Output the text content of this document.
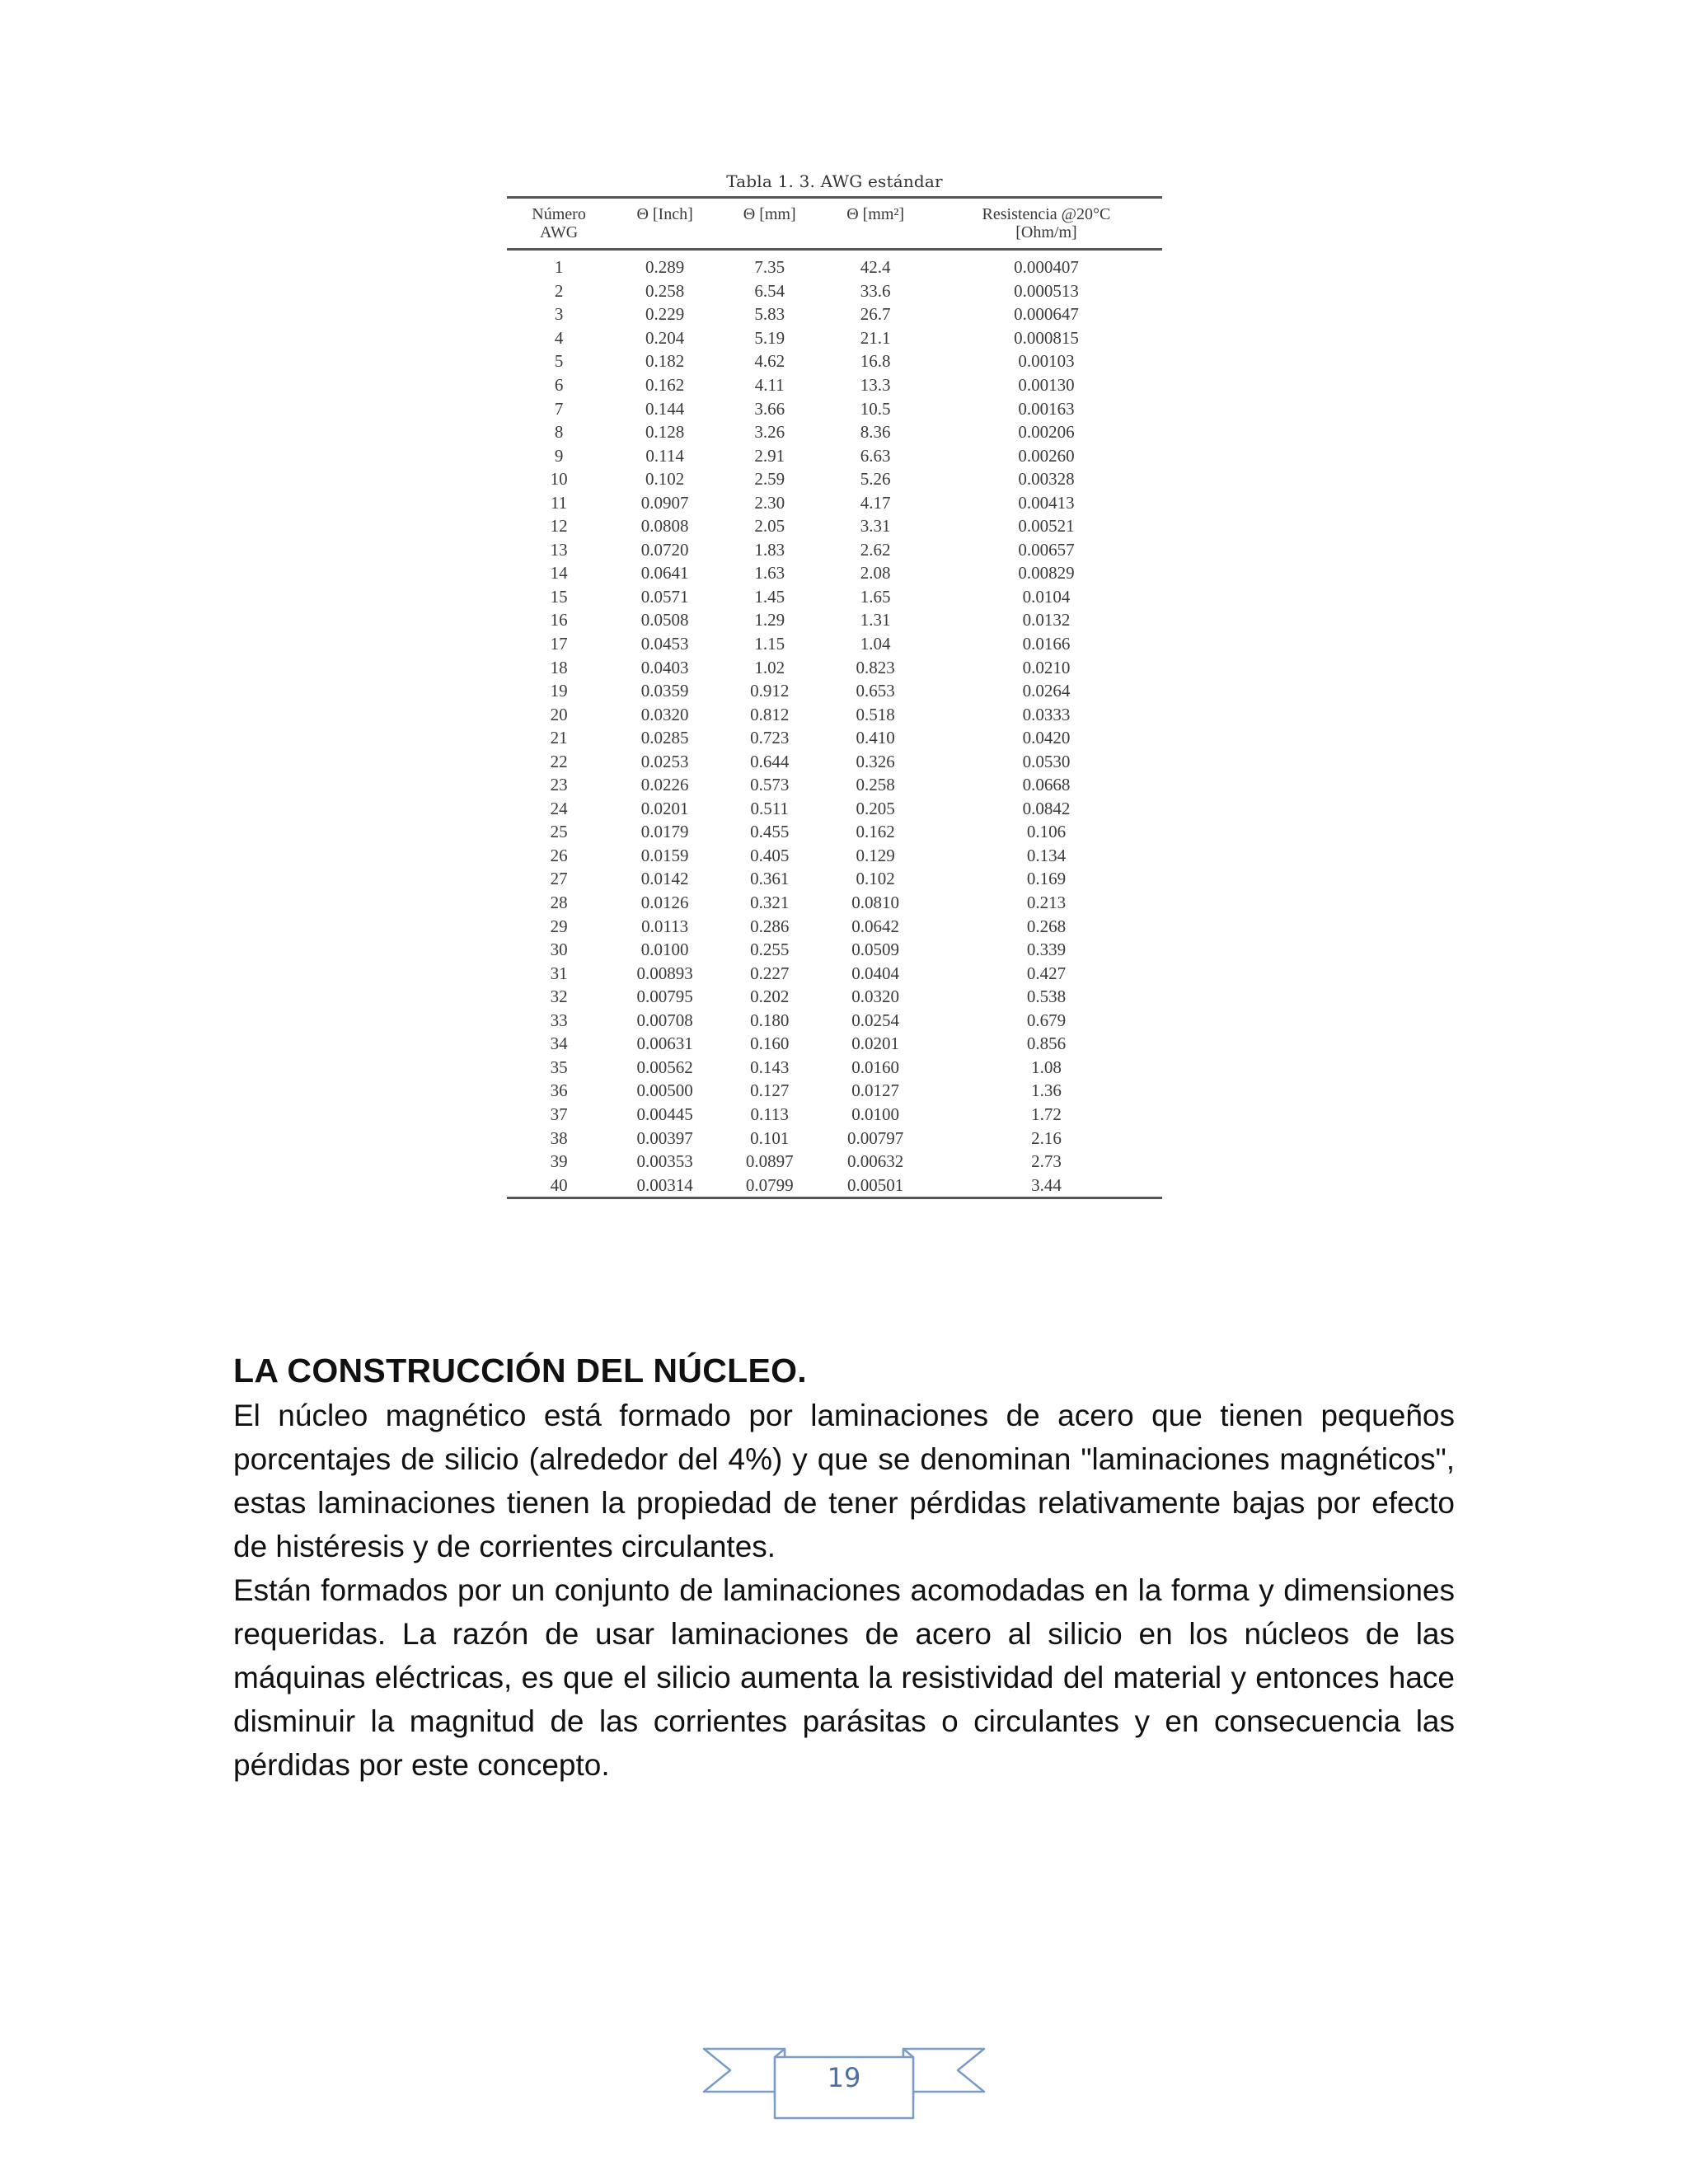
Tabla 1. 3. AWG estándar
Número
AWG	Θ [Inch]	Θ [mm]	Θ [mm²]	Resistencia @20°C
[Ohm/m]

1	0.289	7.35	42.4	0.000407
2	0.258	6.54	33.6	0.000513
3	0.229	5.83	26.7	0.000647
4	0.204	5.19	21.1	0.000815
5	0.182	4.62	16.8	0.00103
6	0.162	4.11	13.3	0.00130
7	0.144	3.66	10.5	0.00163
8	0.128	3.26	8.36	0.00206
9	0.114	2.91	6.63	0.00260
10	0.102	2.59	5.26	0.00328
11	0.0907	2.30	4.17	0.00413
12	0.0808	2.05	3.31	0.00521
13	0.0720	1.83	2.62	0.00657
14	0.0641	1.63	2.08	0.00829
15	0.0571	1.45	1.65	0.0104
16	0.0508	1.29	1.31	0.0132
17	0.0453	1.15	1.04	0.0166
18	0.0403	1.02	0.823	0.0210
19	0.0359	0.912	0.653	0.0264
20	0.0320	0.812	0.518	0.0333
21	0.0285	0.723	0.410	0.0420
22	0.0253	0.644	0.326	0.0530
23	0.0226	0.573	0.258	0.0668
24	0.0201	0.511	0.205	0.0842
25	0.0179	0.455	0.162	0.106
26	0.0159	0.405	0.129	0.134
27	0.0142	0.361	0.102	0.169
28	0.0126	0.321	0.0810	0.213
29	0.0113	0.286	0.0642	0.268
30	0.0100	0.255	0.0509	0.339
31	0.00893	0.227	0.0404	0.427
32	0.00795	0.202	0.0320	0.538
33	0.00708	0.180	0.0254	0.679
34	0.00631	0.160	0.0201	0.856
35	0.00562	0.143	0.0160	1.08
36	0.00500	0.127	0.0127	1.36
37	0.00445	0.113	0.0100	1.72
38	0.00397	0.101	0.00797	2.16
39	0.00353	0.0897	0.00632	2.73
40	0.00314	0.0799	0.00501	3.44
LA CONSTRUCCIÓN DEL NÚCLEO.

El núcleo magnético está formado por laminaciones de acero que tienen pequeños porcentajes de silicio (alrededor del 4%) y que se denominan "laminaciones magnéticos", estas laminaciones tienen la propiedad de tener pérdidas relativamente bajas por efecto de histéresis y de corrientes circulantes.

Están formados por un conjunto de laminaciones acomodadas en la forma y dimensiones requeridas. La razón de usar laminaciones de acero al silicio en los núcleos de las máquinas eléctricas, es que el silicio aumenta la resistividad del material y entonces hace disminuir la magnitud de las corrientes parásitas o circulantes y en consecuencia las pérdidas por este concepto.

19
